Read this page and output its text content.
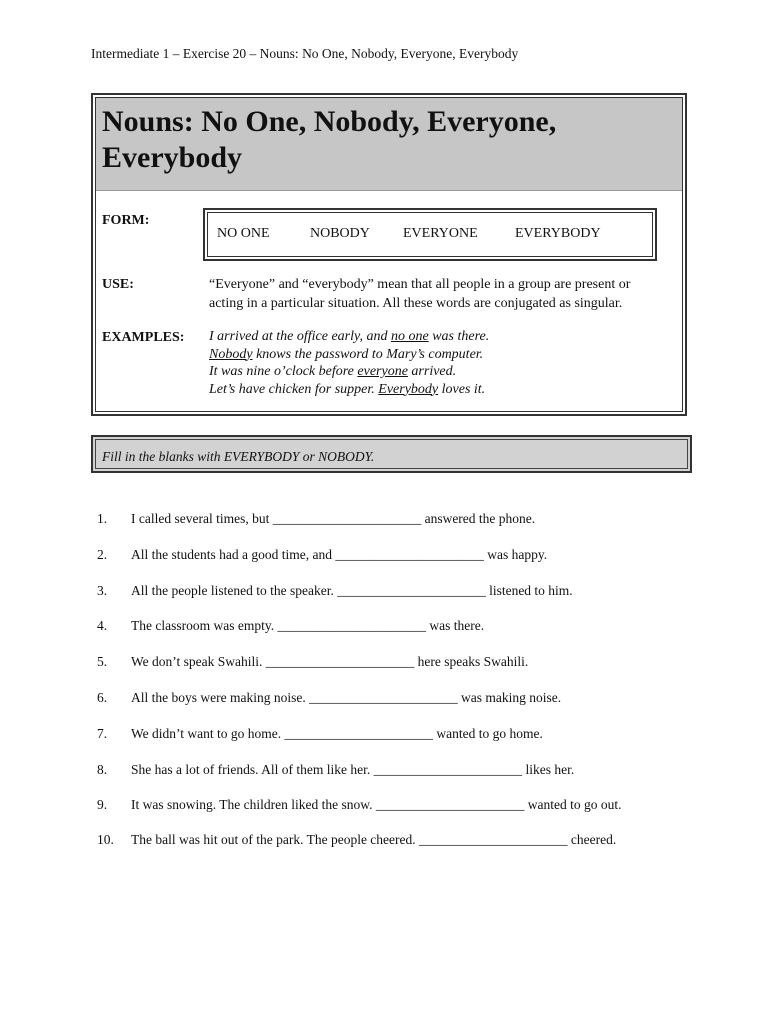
Intermediate 1 – Exercise 20 – Nouns: No One, Nobody, Everyone, Everybody
Nouns: No One, Nobody, Everyone,
Everybody
FORM:
NO ONE	NOBODY EVERYONE	EVERYBODY
USE:	“Everyone” and “everybody” mean that all people in a group are present or
acting in a particular situation. All these words are conjugated as singular.
EXAMPLES: I arrived at the office early, and no one was there.
Nobody knows the password to Mary’s computer.
It was nine o’clock before everyone arrived.
Let’s have chicken for supper. Everybody loves it.
Fill in the blanks with EVERYBODY or NOBODY.
1. I called several times, but ______________________ answered the phone.
2. All the students had a good time, and ______________________ was happy.
3. All the people listened to the speaker. ______________________ listened to him.
4. The classroom was empty. ______________________ was there.
5. We don’t speak Swahili. ______________________ here speaks Swahili.
6. All the boys were making noise. ______________________ was making noise.
7. We didn’t want to go home. ______________________ wanted to go home.
8. She has a lot of friends. All of them like her. ______________________ likes her.
9. It was snowing. The children liked the snow. ______________________ wanted to go out.
10. The ball was hit out of the park. The people cheered. ______________________ cheered.
